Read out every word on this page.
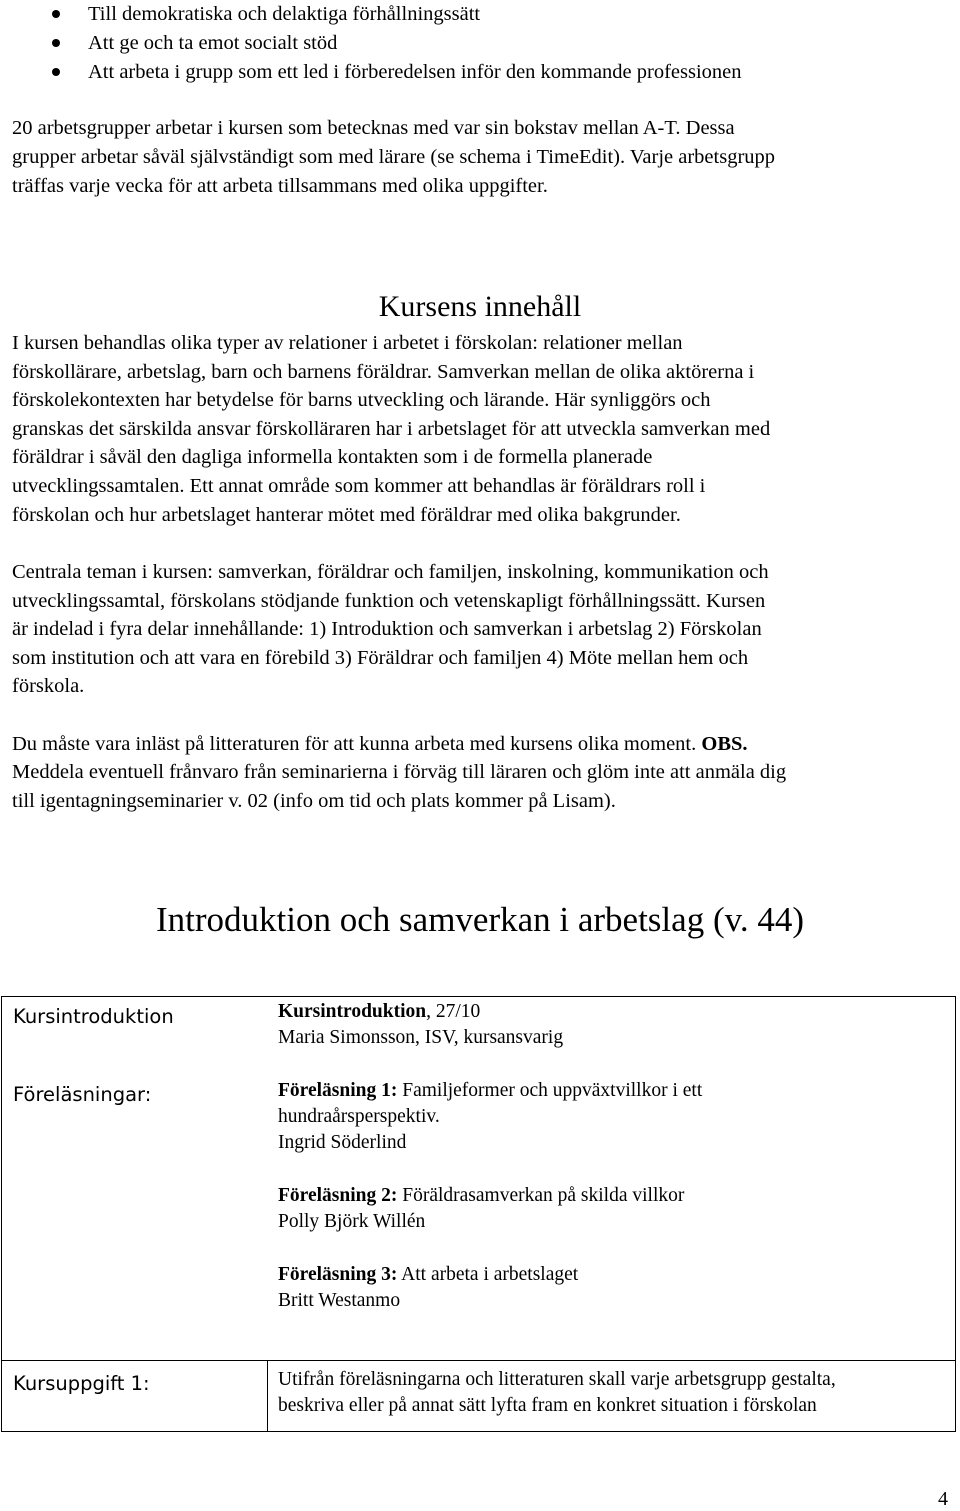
Till demokratiska och delaktiga förhållningssätt
Att ge och ta emot socialt stöd
Att arbeta i grupp som ett led i förberedelsen inför den kommande professionen

20 arbetsgrupper arbetar i kursen som betecknas med var sin bokstav mellan A-T. Dessa

grupper arbetar såväl självständigt som med lärare (se schema i TimeEdit). Varje arbetsgrupp

träffas varje vecka för att arbeta tillsammans med olika uppgifter.

Kursens innehåll

I kursen behandlas olika typer av relationer i arbetet i förskolan: relationer mellan

förskollärare, arbetslag, barn och barnens föräldrar. Samverkan mellan de olika aktörerna i

förskolekontexten har betydelse för barns utveckling och lärande. Här synliggörs och

granskas det särskilda ansvar förskolläraren har i arbetslaget för att utveckla samverkan med

föräldrar i såväl den dagliga informella kontakten som i de formella planerade

utvecklingssamtalen. Ett annat område som kommer att behandlas är föräldrars roll i

förskolan och hur arbetslaget hanterar mötet med föräldrar med olika bakgrunder.

Centrala teman i kursen: samverkan, föräldrar och familjen, inskolning, kommunikation och

utvecklingssamtal, förskolans stödjande funktion och vetenskapligt förhållningssätt. Kursen

är indelad i fyra delar innehållande: 1) Introduktion och samverkan i arbetslag 2) Förskolan

som institution och att vara en förebild 3) Föräldrar och familjen 4) Möte mellan hem och

förskola.

Du måste vara inläst på litteraturen för att kunna arbeta med kursens olika moment. OBS.

Meddela eventuell frånvaro från seminarierna i förväg till läraren och glöm inte att anmäla dig

till igentagningseminarier v. 02 (info om tid och plats kommer på Lisam).

Introduktion och samverkan i arbetslag (v. 44)
Kursintroduktion	Kursintroduktion, 27/10
Maria Simonsson, ISV, kursansvarig
Föreläsningar:	Föreläsning 1: Familjeformer och uppväxtvillkor i ett
hundraårsperspektiv.
Ingrid Söderlind
Föreläsning 2: Föräldrasamverkan på skilda villkor
Polly Björk Willén
Föreläsning 3: Att arbeta i arbetslaget
Britt Westanmo
Kursuppgift 1:	Utifrån föreläsningarna och litteraturen skall varje arbetsgrupp gestalta,
beskriva eller på annat sätt lyfta fram en konkret situation i förskolan
4
